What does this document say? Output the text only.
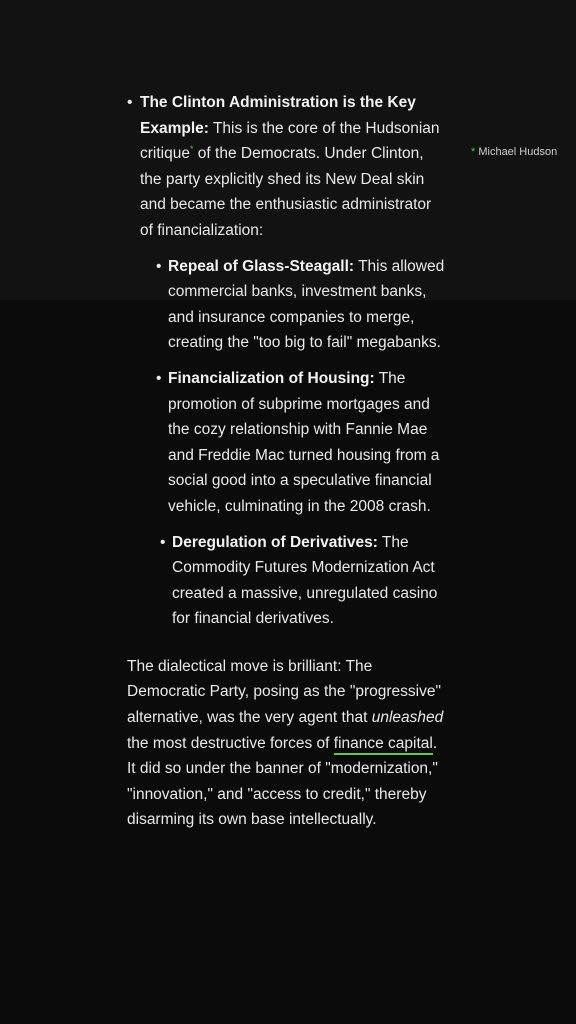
* Michael Hudson
• The Clinton Administration is the Key Example: This is the core of the Hudsonian critique* of the Democrats. Under Clinton, the party explicitly shed its New Deal skin and became the enthusiastic administrator of financialization:
• Repeal of Glass-Steagall: This allowed commercial banks, investment banks, and insurance companies to merge, creating the "too big to fail" megabanks.
• Financialization of Housing: The promotion of subprime mortgages and the cozy relationship with Fannie Mae and Freddie Mac turned housing from a social good into a speculative financial vehicle, culminating in the 2008 crash.
• Deregulation of Derivatives: The Commodity Futures Modernization Act created a massive, unregulated casino for financial derivatives.

The dialectical move is brilliant: The Democratic Party, posing as the "progressive" alternative, was the very agent that unleashed the most destructive forces of finance capital. It did so under the banner of "modernization," "innovation," and "access to credit," thereby disarming its own base intellectually.
